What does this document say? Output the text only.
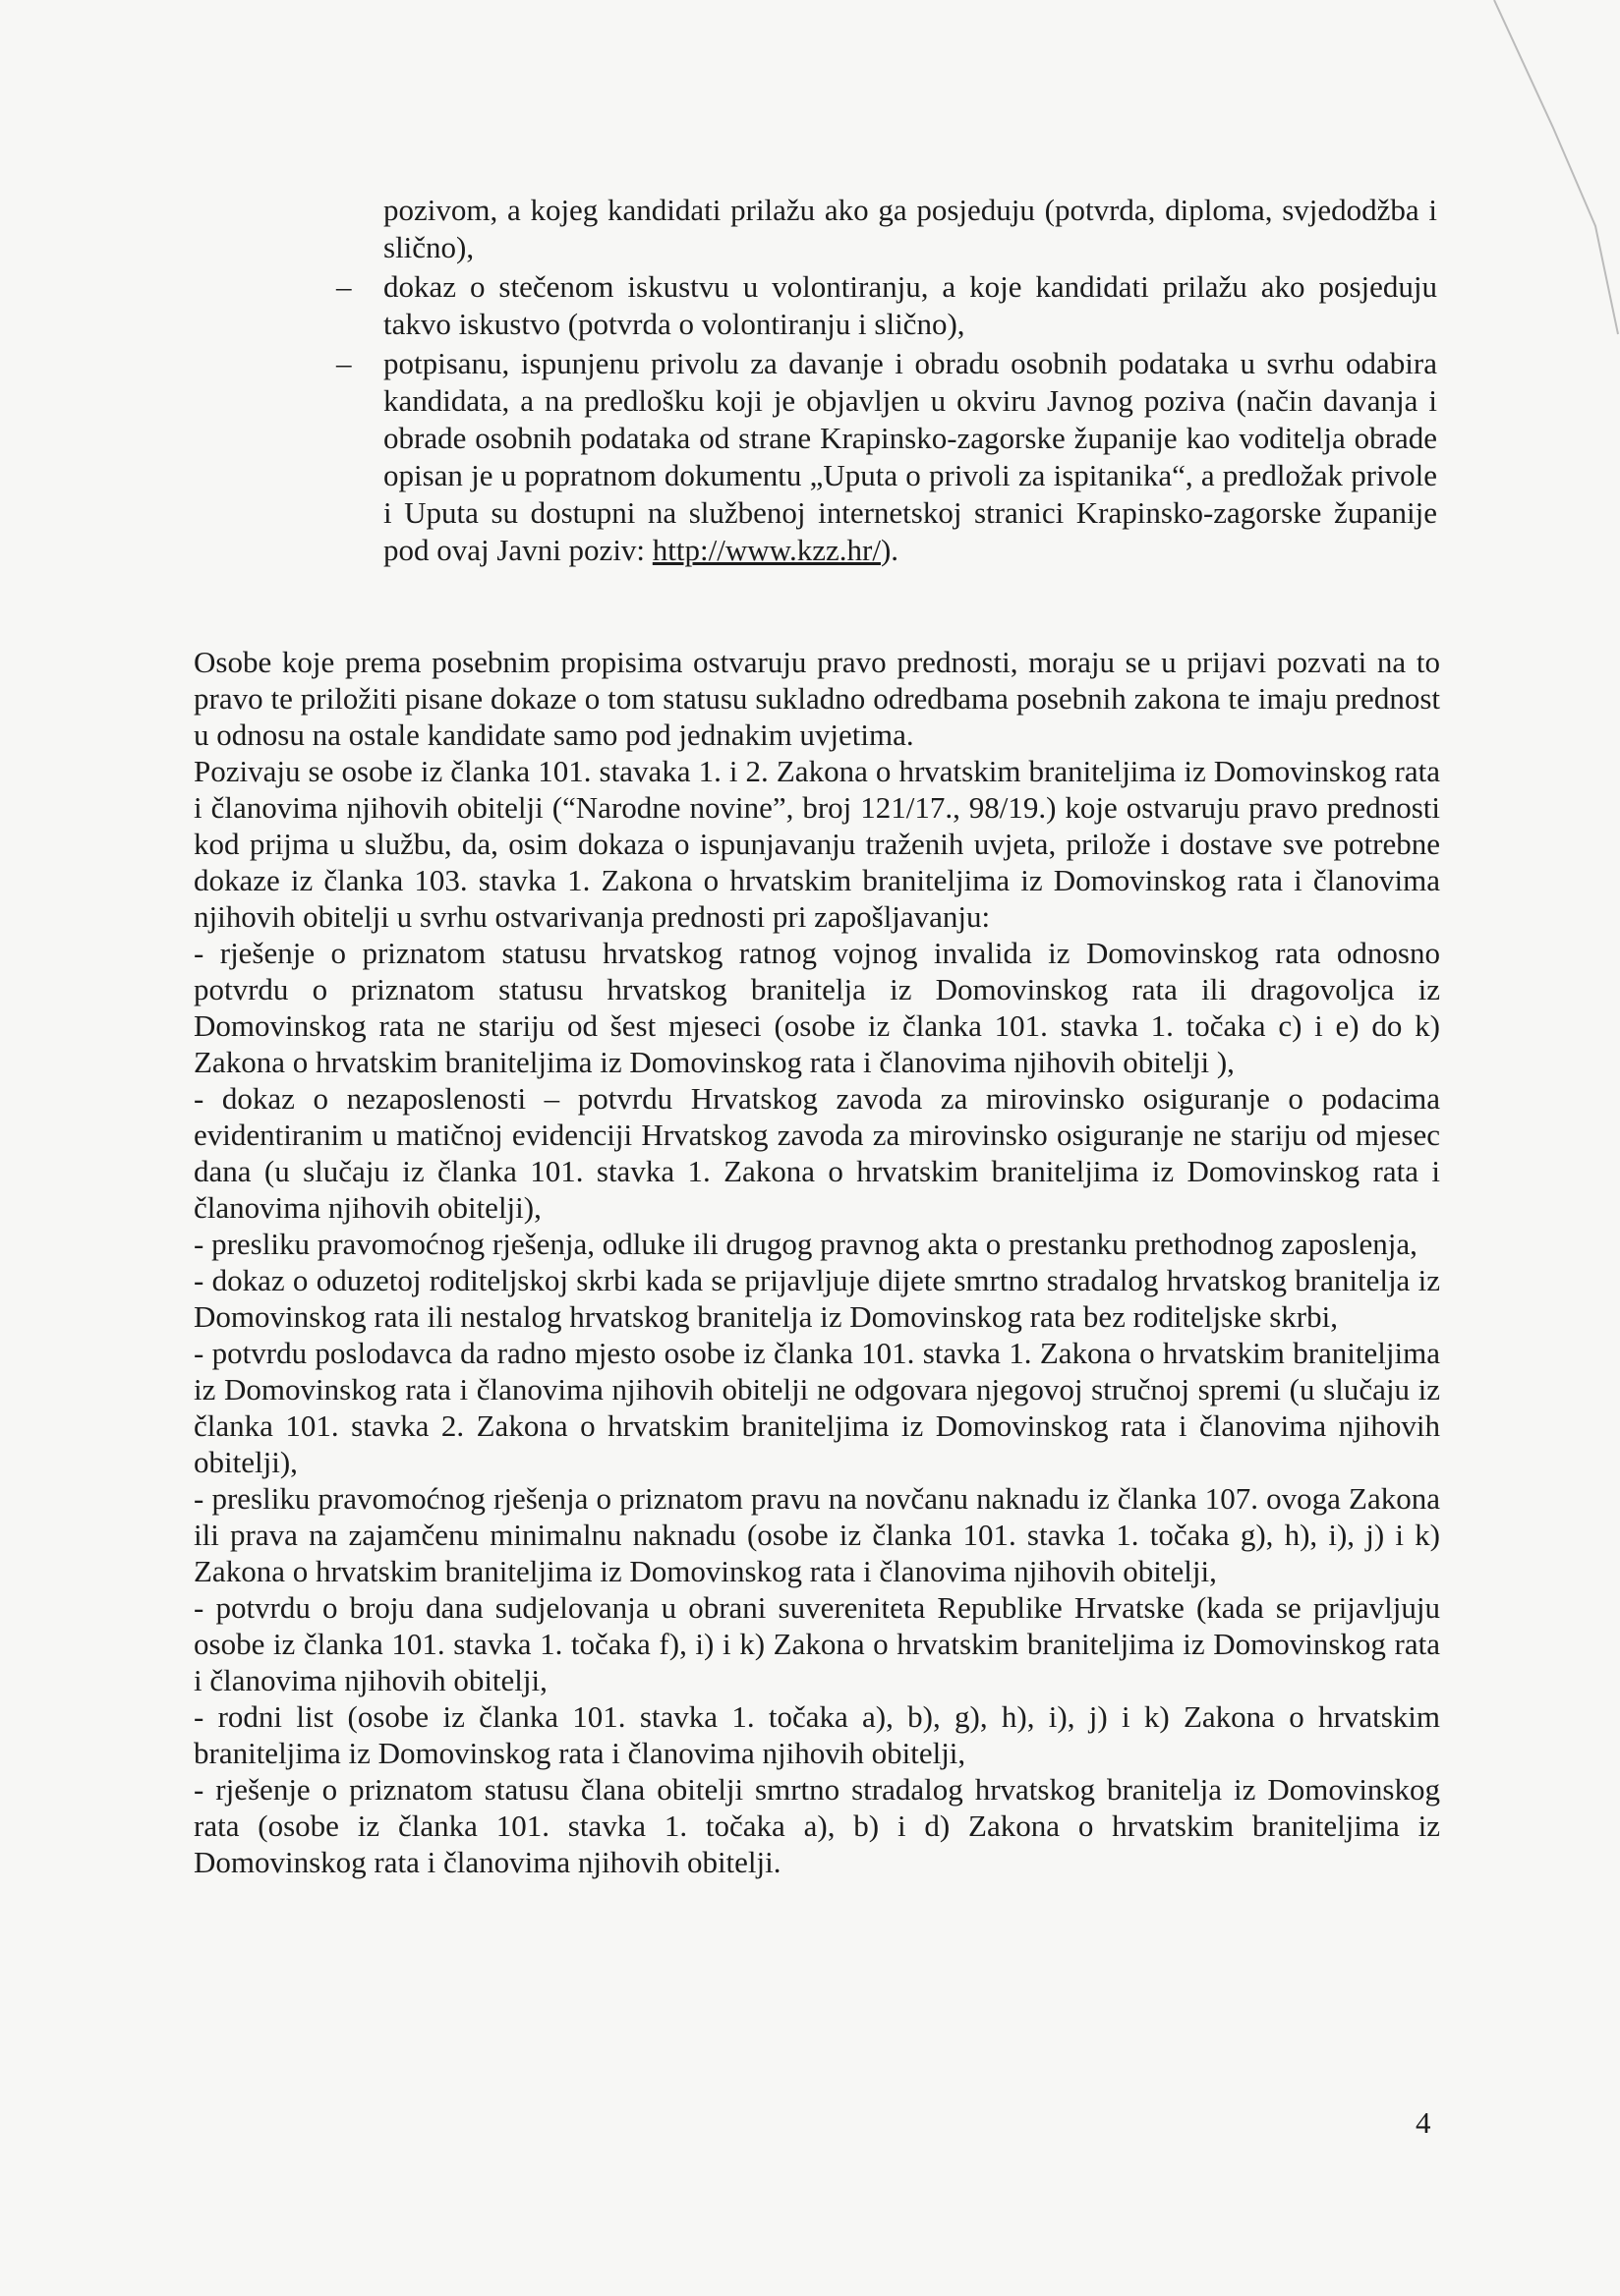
pozivom, a kojeg kandidati prilažu ako ga posjeduju (potvrda, diploma, svjedodžba i slično),
– dokaz o stečenom iskustvu u volontiranju, a koje kandidati prilažu ako posjeduju takvo iskustvo (potvrda o volontiranju i slično),
– potpisanu, ispunjenu privolu za davanje i obradu osobnih podataka u svrhu odabira kandidata, a na predlošku koji je objavljen u okviru Javnog poziva (način davanja i obrade osobnih podataka od strane Krapinsko-zagorske županije kao voditelja obrade opisan je u popratnom dokumentu „Uputa o privoli za ispitanika“, a predložak privole i Uputa su dostupni na službenoj internetskoj stranici Krapinsko-zagorske županije pod ovaj Javni poziv: http://www.kzz.hr/).

Osobe koje prema posebnim propisima ostvaruju pravo prednosti, moraju se u prijavi pozvati na to pravo te priložiti pisane dokaze o tom statusu sukladno odredbama posebnih zakona te imaju prednost u odnosu na ostale kandidate samo pod jednakim uvjetima.

Pozivaju se osobe iz članka 101. stavaka 1. i 2. Zakona o hrvatskim braniteljima iz Domovinskog rata i članovima njihovih obitelji (“Narodne novine”, broj 121/17., 98/19.) koje ostvaruju pravo prednosti kod prijma u službu, da, osim dokaza o ispunjavanju traženih uvjeta, prilože i dostave sve potrebne dokaze iz članka 103. stavka 1. Zakona o hrvatskim braniteljima iz Domovinskog rata i članovima njihovih obitelji u svrhu ostvarivanja prednosti pri zapošljavanju:

- rješenje o priznatom statusu hrvatskog ratnog vojnog invalida iz Domovinskog rata odnosno potvrdu o priznatom statusu hrvatskog branitelja iz Domovinskog rata ili dragovoljca iz Domovinskog rata ne stariju od šest mjeseci (osobe iz članka 101. stavka 1. točaka c) i e) do k) Zakona o hrvatskim braniteljima iz Domovinskog rata i članovima njihovih obitelji ),

- dokaz o nezaposlenosti – potvrdu Hrvatskog zavoda za mirovinsko osiguranje o podacima evidentiranim u matičnoj evidenciji Hrvatskog zavoda za mirovinsko osiguranje ne stariju od mjesec dana (u slučaju iz članka 101. stavka 1. Zakona o hrvatskim braniteljima iz Domovinskog rata i članovima njihovih obitelji),

- presliku pravomoćnog rješenja, odluke ili drugog pravnog akta o prestanku prethodnog zaposlenja,

- dokaz o oduzetoj roditeljskoj skrbi kada se prijavljuje dijete smrtno stradalog hrvatskog branitelja iz Domovinskog rata ili nestalog hrvatskog branitelja iz Domovinskog rata bez roditeljske skrbi,

- potvrdu poslodavca da radno mjesto osobe iz članka 101. stavka 1. Zakona o hrvatskim braniteljima iz Domovinskog rata i članovima njihovih obitelji ne odgovara njegovoj stručnoj spremi (u slučaju iz članka 101. stavka 2. Zakona o hrvatskim braniteljima iz Domovinskog rata i članovima njihovih obitelji),

- presliku pravomoćnog rješenja o priznatom pravu na novčanu naknadu iz članka 107. ovoga Zakona ili prava na zajamčenu minimalnu naknadu (osobe iz članka 101. stavka 1. točaka g), h), i), j) i k) Zakona o hrvatskim braniteljima iz Domovinskog rata i članovima njihovih obitelji,

- potvrdu o broju dana sudjelovanja u obrani suvereniteta Republike Hrvatske (kada se prijavljuju osobe iz članka 101. stavka 1. točaka f), i) i k) Zakona o hrvatskim braniteljima iz Domovinskog rata i članovima njihovih obitelji,

- rodni list (osobe iz članka 101. stavka 1. točaka a), b), g), h), i), j) i k) Zakona o hrvatskim braniteljima iz Domovinskog rata i članovima njihovih obitelji,

- rješenje o priznatom statusu člana obitelji smrtno stradalog hrvatskog branitelja iz Domovinskog rata (osobe iz članka 101. stavka 1. točaka a), b) i d) Zakona o hrvatskim braniteljima iz Domovinskog rata i članovima njihovih obitelji.

4
